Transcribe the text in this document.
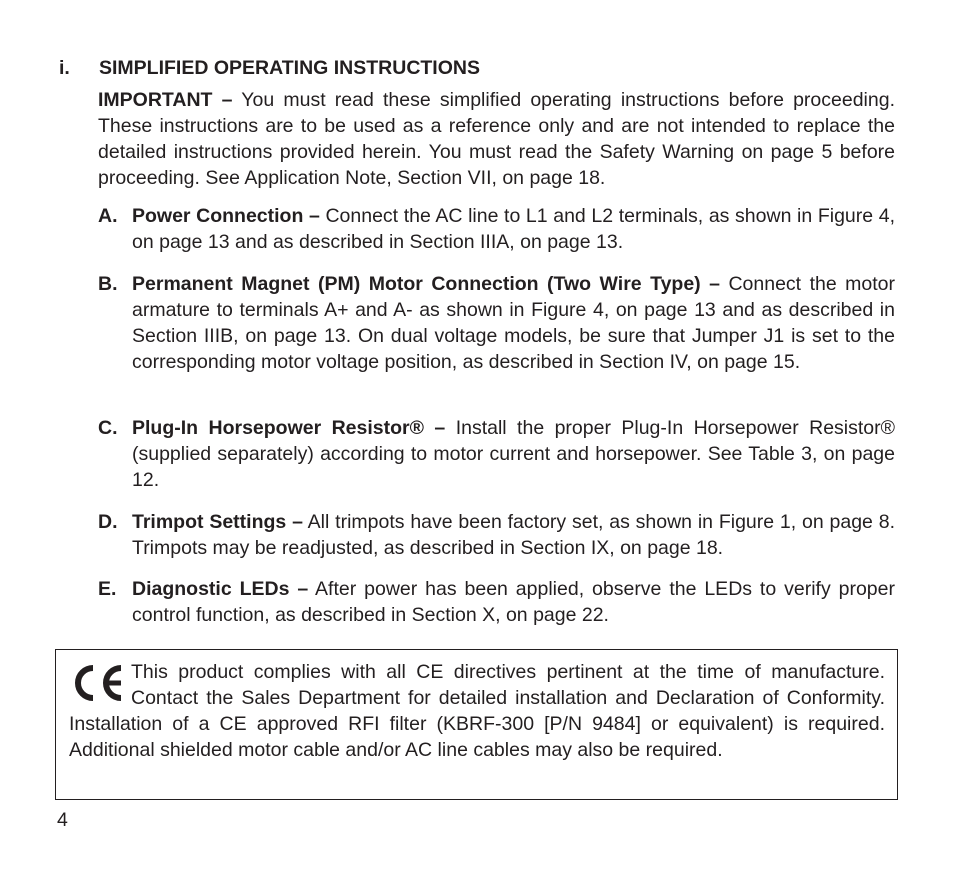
i. SIMPLIFIED OPERATING INSTRUCTIONS
IMPORTANT – You must read these simplified operating instructions before proceeding. These instructions are to be used as a reference only and are not intended to replace the detailed instructions provided herein. You must read the Safety Warning on page 5 before proceeding. See Application Note, Section VII, on page 18.
A. Power Connection – Connect the AC line to L1 and L2 terminals, as shown in Figure 4, on page 13 and as described in Section IIIA, on page 13.
B. Permanent Magnet (PM) Motor Connection (Two Wire Type) – Connect the motor armature to terminals A+ and A- as shown in Figure 4, on page 13 and as described in Section IIIB, on page 13. On dual voltage models, be sure that Jumper J1 is set to the corresponding motor voltage position, as described in Section IV, on page 15.
C. Plug-In Horsepower Resistor® – Install the proper Plug-In Horsepower Resistor® (supplied separately) according to motor current and horsepower. See Table 3, on page 12.
D. Trimpot Settings – All trimpots have been factory set, as shown in Figure 1, on page 8. Trimpots may be readjusted, as described in Section IX, on page 18.
E. Diagnostic LEDs – After power has been applied, observe the LEDs to verify proper control function, as described in Section X, on page 22.
This product complies with all CE directives pertinent at the time of manufacture. Contact the Sales Department for detailed installation and Declaration of Conformity. Installation of a CE approved RFI filter (KBRF-300 [P/N 9484] or equivalent) is required. Additional shielded motor cable and/or AC line cables may also be required.
4
